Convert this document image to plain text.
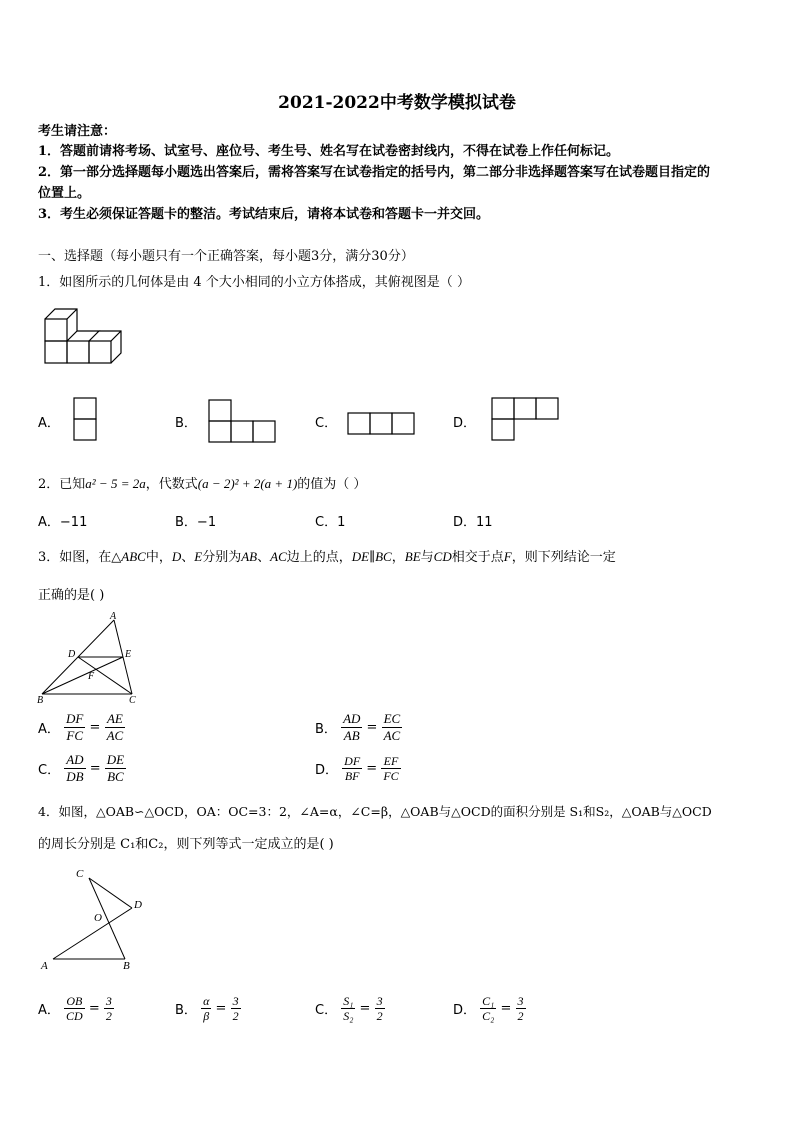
2021-2022中考数学模拟试卷
考生请注意：
1．答题前请将考场、试室号、座位号、考生号、姓名写在试卷密封线内，不得在试卷上作任何标记。
2．第一部分选择题每小题选出答案后，需将答案写在试卷指定的括号内，第二部分非选择题答案写在试卷题目指定的
位置上。
3．考生必须保证答题卡的整洁。考试结束后，请将本试卷和答题卡一并交回。
一、选择题（每小题只有一个正确答案，每小题3分，满分30分）
1．如图所示的几何体是由 4 个大小相同的小立方体搭成，其俯视图是（ ）
A．	B．	C．	D．
2．已知a² − 5 = 2a，代数式(a − 2)² + 2(a + 1)的值为（ ）
A．−11	B．−1	C．1	D．11
3．如图，在△ABC中，D、E分别为AB、AC边上的点，DE∥BC，BE与CD相交于点F，则下列结论一定
正确的是( )
A
D	E
F
B	C
A． $\frac{DF}{FC} = \frac{AE}{AC}$	B． $\frac{AD}{AB} = \frac{EC}{AC}$
C． $\frac{AD}{DB} = \frac{DE}{BC}$	D． $\frac{DF}{BF} = \frac{EF}{FC}$
4．如图，△OAB∽△OCD，OA：OC=3：2，∠A=α，∠C=β，△OAB与△OCD的面积分别是 S₁和S₂，△OAB与△OCD
的周长分别是 C₁和C₂，则下列等式一定成立的是( )
C
D
O
A	B
A． $\frac{OB}{CD} = \frac{3}{2}$	B． $\frac{\alpha}{\beta} = \frac{3}{2}$	C． $\frac{\text{S₁}}{\text{S₂}} = \frac{3}{2}$	D． $\frac{\text{C₁}}{\text{C₂}} = \frac{3}{2}$
